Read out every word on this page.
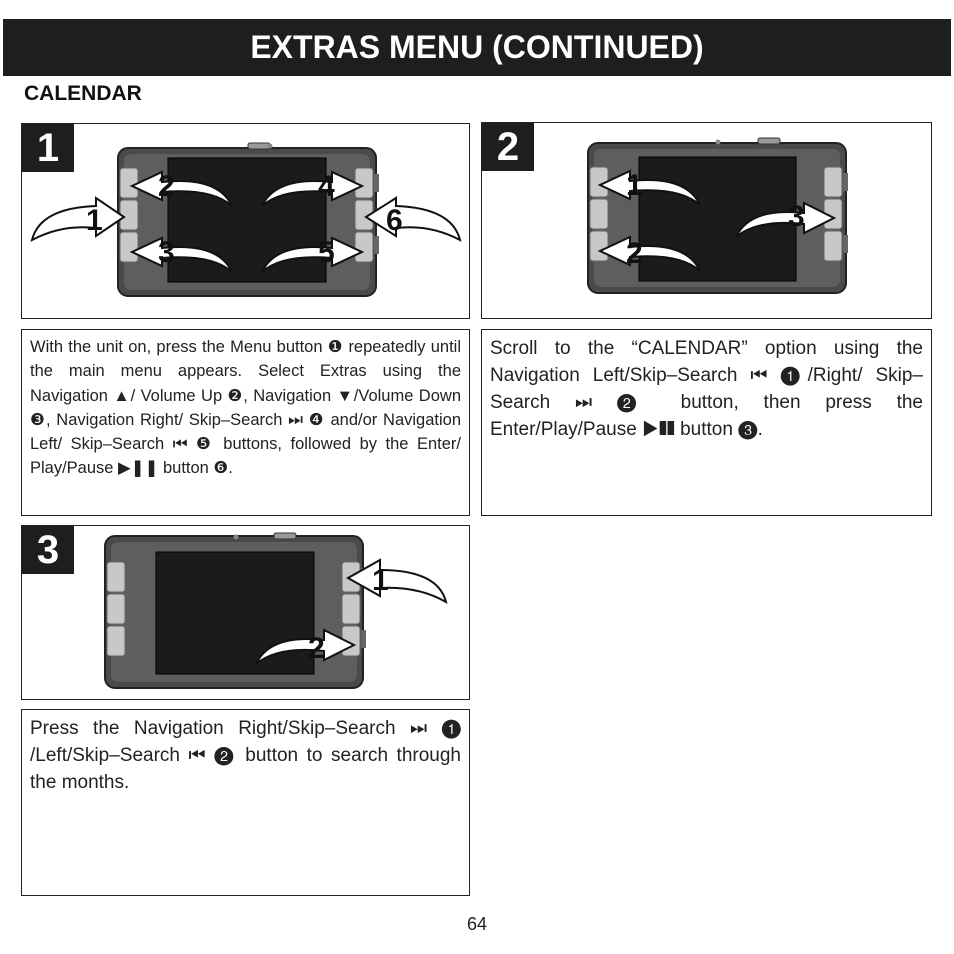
EXTRAS MENU (CONTINUED)
CALENDAR
1
1
2
3
4
5
6
2
1
2
3
With the unit on, press the Menu button ❶ repeatedly until the main menu appears. Select Extras using the Navigation ▲/ Volume Up ❷, Navigation ▼/Volume Down ❸, Navigation Right/ Skip–Search ⏭ ❹ and/or Navigation Left/ Skip–Search ⏮ ❺ buttons, followed by the Enter/ Play/Pause ▶❚❚ button ❻.
Scroll to the “CALENDAR” option using the Navigation Left/Skip–Search ⏮ ❶/Right/ Skip–Search ⏭ ❷ button, then press the Enter/Play/Pause ▶❚❚ button ❸.
3
1
2
Press the Navigation Right/Skip–Search ⏭ ❶ /Left/Skip–Search ⏮ ❷ button to search through the months.
64
